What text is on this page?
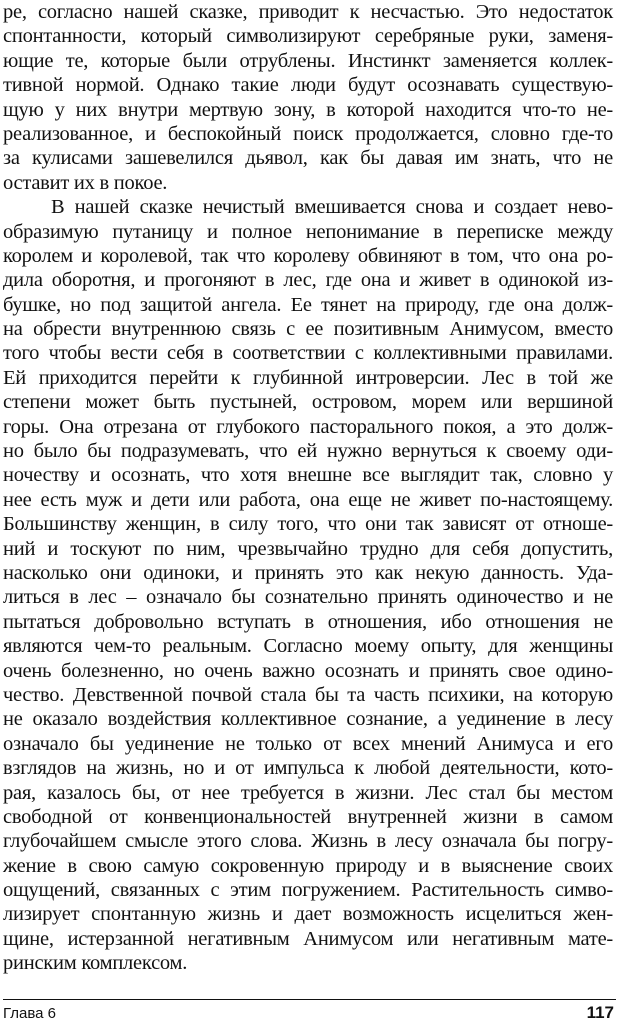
ре, согласно нашей сказке, приводит к несчастью. Это недостаток
спонтанности, который символизируют серебряные руки, заменя-
ющие те, которые были отрублены. Инстинкт заменяется коллек-
тивной нормой. Однако такие люди будут осознавать существую-
щую у них внутри мертвую зону, в которой находится что-то не-
реализованное, и беспокойный поиск продолжается, словно где-то
за кулисами зашевелился дьявол, как бы давая им знать, что не
оставит их в покое.
В нашей сказке нечистый вмешивается снова и создает нево-
образимую путаницу и полное непонимание в переписке между
королем и королевой, так что королеву обвиняют в том, что она ро-
дила оборотня, и прогоняют в лес, где она и живет в одинокой из-
бушке, но под защитой ангела. Ее тянет на природу, где она долж-
на обрести внутреннюю связь с ее позитивным Анимусом, вместо
того чтобы вести себя в соответствии с коллективными правилами.
Ей приходится перейти к глубинной интроверсии. Лес в той же
степени может быть пустыней, островом, морем или вершиной
горы. Она отрезана от глубокого пасторального покоя, а это долж-
но было бы подразумевать, что ей нужно вернуться к своему оди-
ночеству и осознать, что хотя внешне все выглядит так, словно у
нее есть муж и дети или работа, она еще не живет по-настоящему.
Большинству женщин, в силу того, что они так зависят от отноше-
ний и тоскуют по ним, чрезвычайно трудно для себя допустить,
насколько они одиноки, и принять это как некую данность. Уда-
литься в лес – означало бы сознательно принять одиночество и не
пытаться добровольно вступать в отношения, ибо отношения не
являются чем-то реальным. Согласно моему опыту, для женщины
очень болезненно, но очень важно осознать и принять свое одино-
чество. Девственной почвой стала бы та часть психики, на которую
не оказало воздействия коллективное сознание, а уединение в лесу
означало бы уединение не только от всех мнений Анимуса и его
взглядов на жизнь, но и от импульса к любой деятельности, кото-
рая, казалось бы, от нее требуется в жизни. Лес стал бы местом
свободной от конвенциональностей внутренней жизни в самом
глубочайшем смысле этого слова. Жизнь в лесу означала бы погру-
жение в свою самую сокровенную природу и в выяснение своих
ощущений, связанных с этим погружением. Растительность симво-
лизирует спонтанную жизнь и дает возможность исцелиться жен-
щине, истерзанной негативным Анимусом или негативным мате-
ринским комплексом.
Глава 6	117
